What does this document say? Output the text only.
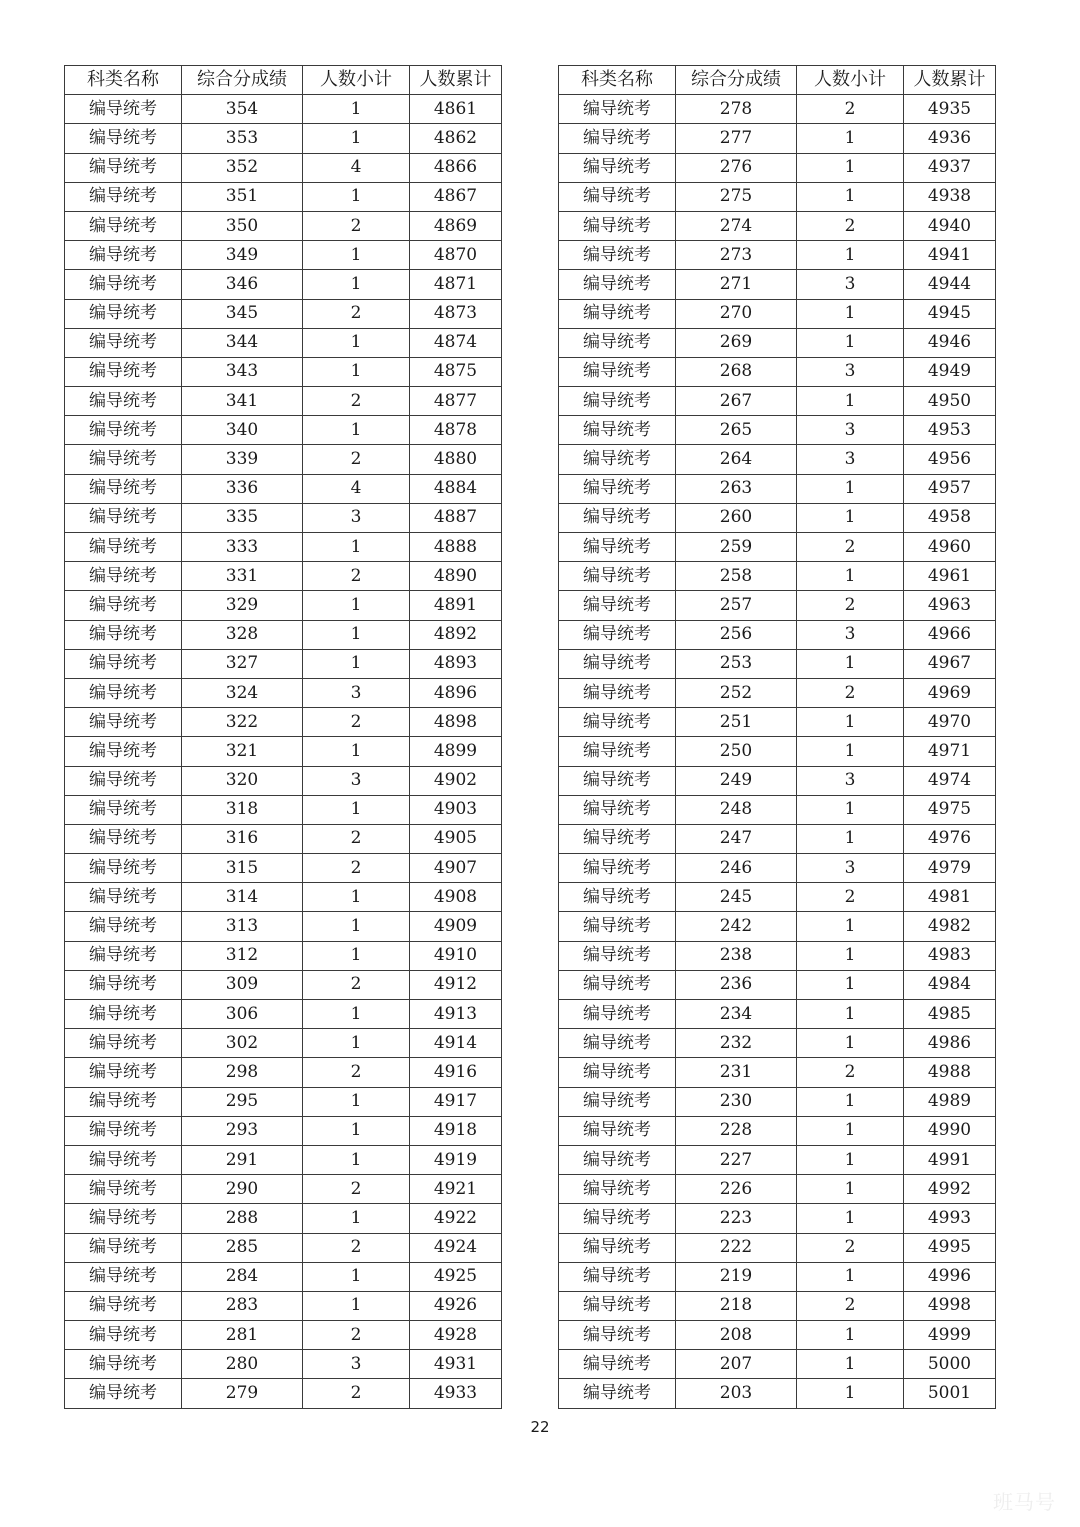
科类名称	综合分成绩	人数小计	人数累计
编导统考	354	1	4861
编导统考	353	1	4862
编导统考	352	4	4866
编导统考	351	1	4867
编导统考	350	2	4869
编导统考	349	1	4870
编导统考	346	1	4871
编导统考	345	2	4873
编导统考	344	1	4874
编导统考	343	1	4875
编导统考	341	2	4877
编导统考	340	1	4878
编导统考	339	2	4880
编导统考	336	4	4884
编导统考	335	3	4887
编导统考	333	1	4888
编导统考	331	2	4890
编导统考	329	1	4891
编导统考	328	1	4892
编导统考	327	1	4893
编导统考	324	3	4896
编导统考	322	2	4898
编导统考	321	1	4899
编导统考	320	3	4902
编导统考	318	1	4903
编导统考	316	2	4905
编导统考	315	2	4907
编导统考	314	1	4908
编导统考	313	1	4909
编导统考	312	1	4910
编导统考	309	2	4912
编导统考	306	1	4913
编导统考	302	1	4914
编导统考	298	2	4916
编导统考	295	1	4917
编导统考	293	1	4918
编导统考	291	1	4919
编导统考	290	2	4921
编导统考	288	1	4922
编导统考	285	2	4924
编导统考	284	1	4925
编导统考	283	1	4926
编导统考	281	2	4928
编导统考	280	3	4931
编导统考	279	2	4933
科类名称	综合分成绩	人数小计	人数累计
编导统考	278	2	4935
编导统考	277	1	4936
编导统考	276	1	4937
编导统考	275	1	4938
编导统考	274	2	4940
编导统考	273	1	4941
编导统考	271	3	4944
编导统考	270	1	4945
编导统考	269	1	4946
编导统考	268	3	4949
编导统考	267	1	4950
编导统考	265	3	4953
编导统考	264	3	4956
编导统考	263	1	4957
编导统考	260	1	4958
编导统考	259	2	4960
编导统考	258	1	4961
编导统考	257	2	4963
编导统考	256	3	4966
编导统考	253	1	4967
编导统考	252	2	4969
编导统考	251	1	4970
编导统考	250	1	4971
编导统考	249	3	4974
编导统考	248	1	4975
编导统考	247	1	4976
编导统考	246	3	4979
编导统考	245	2	4981
编导统考	242	1	4982
编导统考	238	1	4983
编导统考	236	1	4984
编导统考	234	1	4985
编导统考	232	1	4986
编导统考	231	2	4988
编导统考	230	1	4989
编导统考	228	1	4990
编导统考	227	1	4991
编导统考	226	1	4992
编导统考	223	1	4993
编导统考	222	2	4995
编导统考	219	1	4996
编导统考	218	2	4998
编导统考	208	1	4999
编导统考	207	1	5000
编导统考	203	1	5001
22
班马号
